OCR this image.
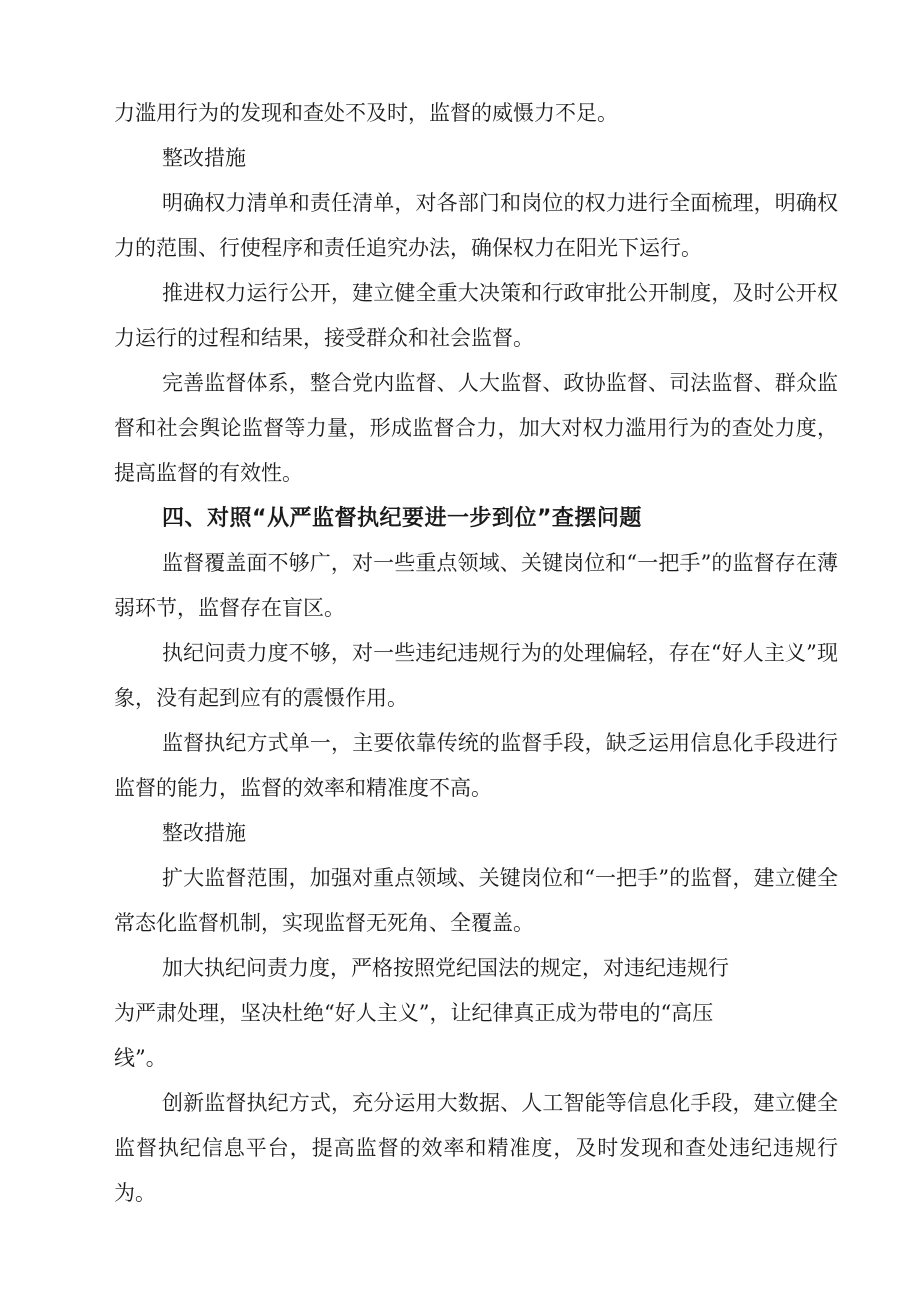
力滥用行为的发现和查处不及时，监督的威慑力不足。

整改措施

明确权力清单和责任清单，对各部门和岗位的权力进行全面梳理，明确权力的范围、行使程序和责任追究办法，确保权力在阳光下运行。

推进权力运行公开，建立健全重大决策和行政审批公开制度，及时公开权力运行的过程和结果，接受群众和社会监督。

完善监督体系，整合党内监督、人大监督、政协监督、司法监督、群众监督和社会舆论监督等力量，形成监督合力，加大对权力滥用行为的查处力度，提高监督的有效性。

四、对照“从严监督执纪要进一步到位”查摆问题

监督覆盖面不够广，对一些重点领域、关键岗位和“一把手”的监督存在薄弱环节，监督存在盲区。

执纪问责力度不够，对一些违纪违规行为的处理偏轻，存在“好人主义”现象，没有起到应有的震慑作用。

监督执纪方式单一，主要依靠传统的监督手段，缺乏运用信息化手段进行监督的能力，监督的效率和精准度不高。

整改措施

扩大监督范围，加强对重点领域、关键岗位和“一把手”的监督，建立健全常态化监督机制，实现监督无死角、全覆盖。

加大执纪问责力度，严格按照党纪国法的规定，对违纪违规行
为严肃处理，坚决杜绝“好人主义”，让纪律真正成为带电的“高压
线”。

创新监督执纪方式，充分运用大数据、人工智能等信息化手段，建立健全监督执纪信息平台，提高监督的效率和精准度，及时发现和查处违纪违规行为。
